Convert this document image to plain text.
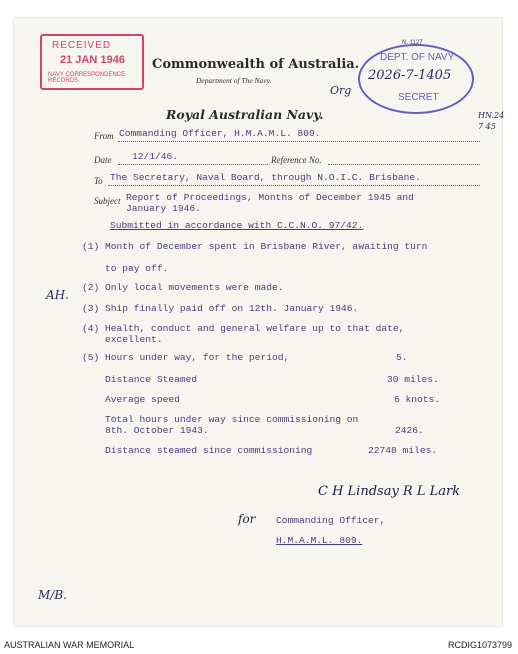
RECEIVED
21 JAN 1946
NAVY CORRESPONDENCE RECORDS
Commonwealth of Australia.
Department of The Navy.
N. 1127
DEPT. OF NAVY
2026-7-1405
SECRET
Org
HN.24 7 45
Royal Australian Navy.
From Commanding Officer, H.M.A.M.L. 809.
Date 12/1/46.	Reference No.
To The Secretary, Naval Board, through N.O.I.C. Brisbane.
Subject Report of Proceedings, Months of December 1945 and
January 1946.
Submitted in accordance with C.C.N.O. 97/42.
(1) Month of December spent in Brisbane River, awaiting turn
to pay off.
(2) Only local movements were made.
AH.
(3) Ship finally paid off on 12th. January 1946.
(4) Health, conduct and general welfare up to that date,
excellent.
(5) Hours under way, for the period,	5.
Distance Steamed	30 miles.
Average speed	6 knots.
Total hours under way since commissioning on
8th. October 1943.	2426.
Distance steamed since commissioning	22748 miles.
C H Lindsay R L Lark
for Commanding Officer,
H.M.A.M.L. 809.
M/B.
AUSTRALIAN WAR MEMORIAL	RCDIG1073799
